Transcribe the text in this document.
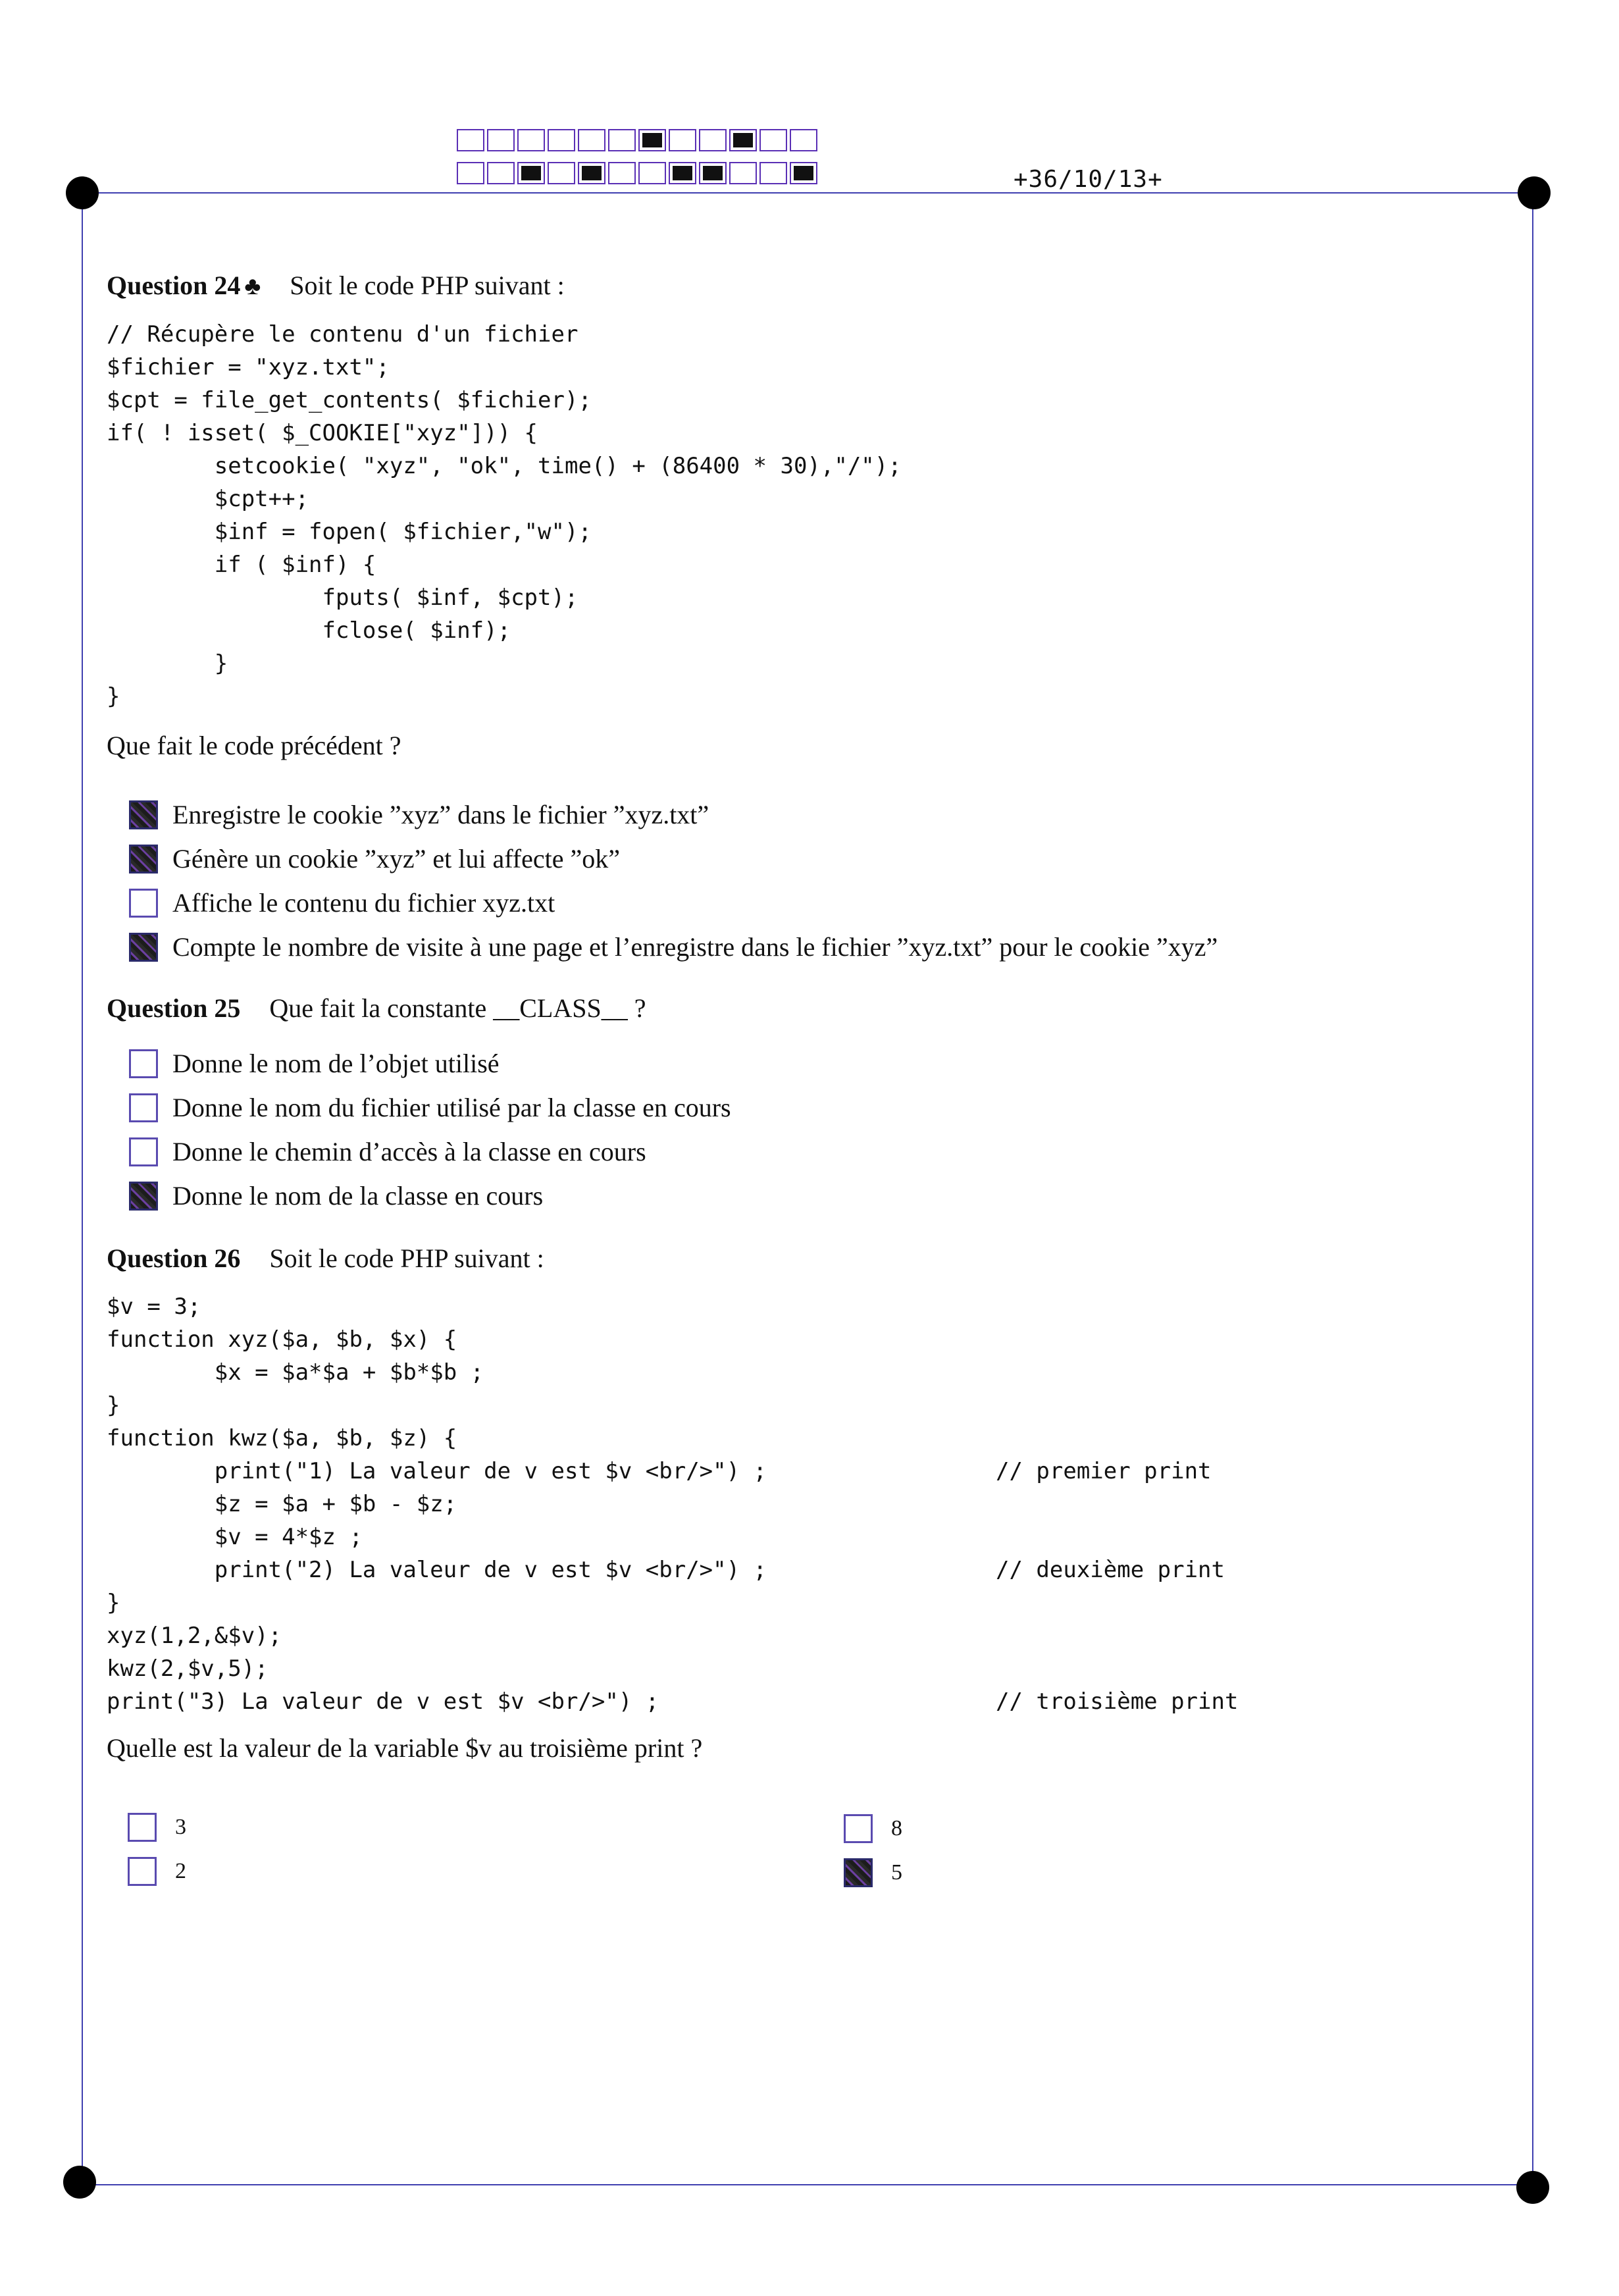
+36/10/13+
Question 24 ♣ Soit le code PHP suivant :
// Récupère le contenu d'un fichier
$fichier = "xyz.txt";
$cpt = file_get_contents( $fichier);
if( ! isset( $_COOKIE["xyz"])) {
setcookie( "xyz", "ok", time() + (86400 * 30),"/");
$cpt++;
$inf = fopen( $fichier,"w");
if ( $inf) {
fputs( $inf, $cpt);
fclose( $inf);
}
}
Que fait le code précédent ?
Enregistre le cookie ”xyz” dans le fichier ”xyz.txt”
Génère un cookie ”xyz” et lui affecte ”ok”
Affiche le contenu du fichier xyz.txt
Compte le nombre de visite à une page et l’enregistre dans le fichier ”xyz.txt” pour le cookie ”xyz”
Question 25 Que fait la constante __CLASS__ ?
Donne le nom de l’objet utilisé
Donne le nom du fichier utilisé par la classe en cours
Donne le chemin d’accès à la classe en cours
Donne le nom de la classe en cours
Question 26 Soit le code PHP suivant :
$v = 3;
function xyz($a, $b, $x) {
$x = $a*$a + $b*$b ;
}
function kwz($a, $b, $z) {
print("1) La valeur de v est $v <br/>") ;                 // premier print
$z = $a + $b - $z;
$v = 4*$z ;
print("2) La valeur de v est $v <br/>") ;                 // deuxième print
}
xyz(1,2,&$v);
kwz(2,$v,5);
print("3) La valeur de v est $v <br/>") ;                         // troisième print
Quelle est la valeur de la variable $v au troisième print ?
3
2
8
5
